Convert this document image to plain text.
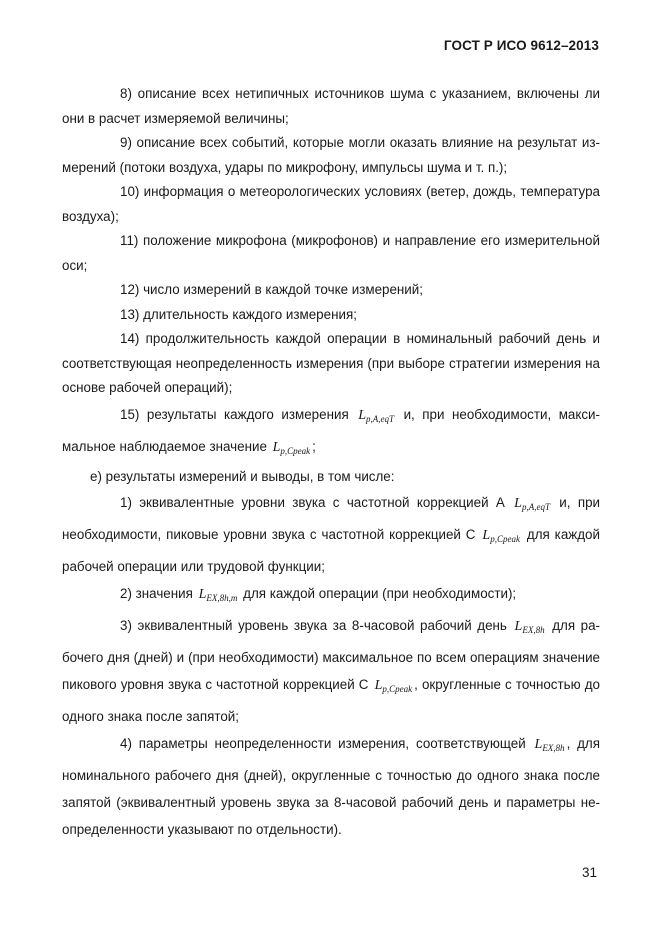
ГОСТ Р ИСО 9612–2013
8) описание всех нетипичных источников шума с указанием, включены ли они в расчет измеряемой величины;
9) описание всех событий, которые могли оказать влияние на результат из-мерений (потоки воздуха, удары по микрофону, импульсы шума и т. п.);
10) информация о метеорологических условиях (ветер, дождь, температура воздуха);
11) положение микрофона (микрофонов) и направление его измерительной оси;
12) число измерений в каждой точке измерений;
13) длительность каждого измерения;
14) продолжительность каждой операции в номинальный рабочий день и соответствующая неопределенность измерения (при выборе стратегии измерения на основе рабочей операций);
15) результаты каждого измерения $L_{p,A,eqT}$ и, при необходимости, макси-мальное наблюдаемое значение $L_{p,Cpeak}$ ;
е) результаты измерений и выводы, в том числе:
1) эквивалентные уровни звука с частотной коррекцией А $L_{p,A,eqT}$ и, при необходимости, пиковые уровни звука с частотной коррекцией С $L_{p,Cpeak}$ для каждой рабочей операции или трудовой функции;
2) значения $L_{EX,8h,m}$ для каждой операции (при необходимости);
3) эквивалентный уровень звука за 8-часовой рабочий день $L_{EX,8h}$ для ра-бочего дня (дней) и (при необходимости) максимальное по всем операциям значение пикового уровня звука с частотной коррекцией С $L_{p,Cpeak}$ , округленные с точностью до одного знака после запятой;
4) параметры неопределенности измерения, соответствующей $L_{EX,8h}$ , для номинального рабочего дня (дней), округленные с точностью до одного знака после запятой (эквивалентный уровень звука за 8-часовой рабочий день и параметры не-определенности указывают по отдельности).
31
